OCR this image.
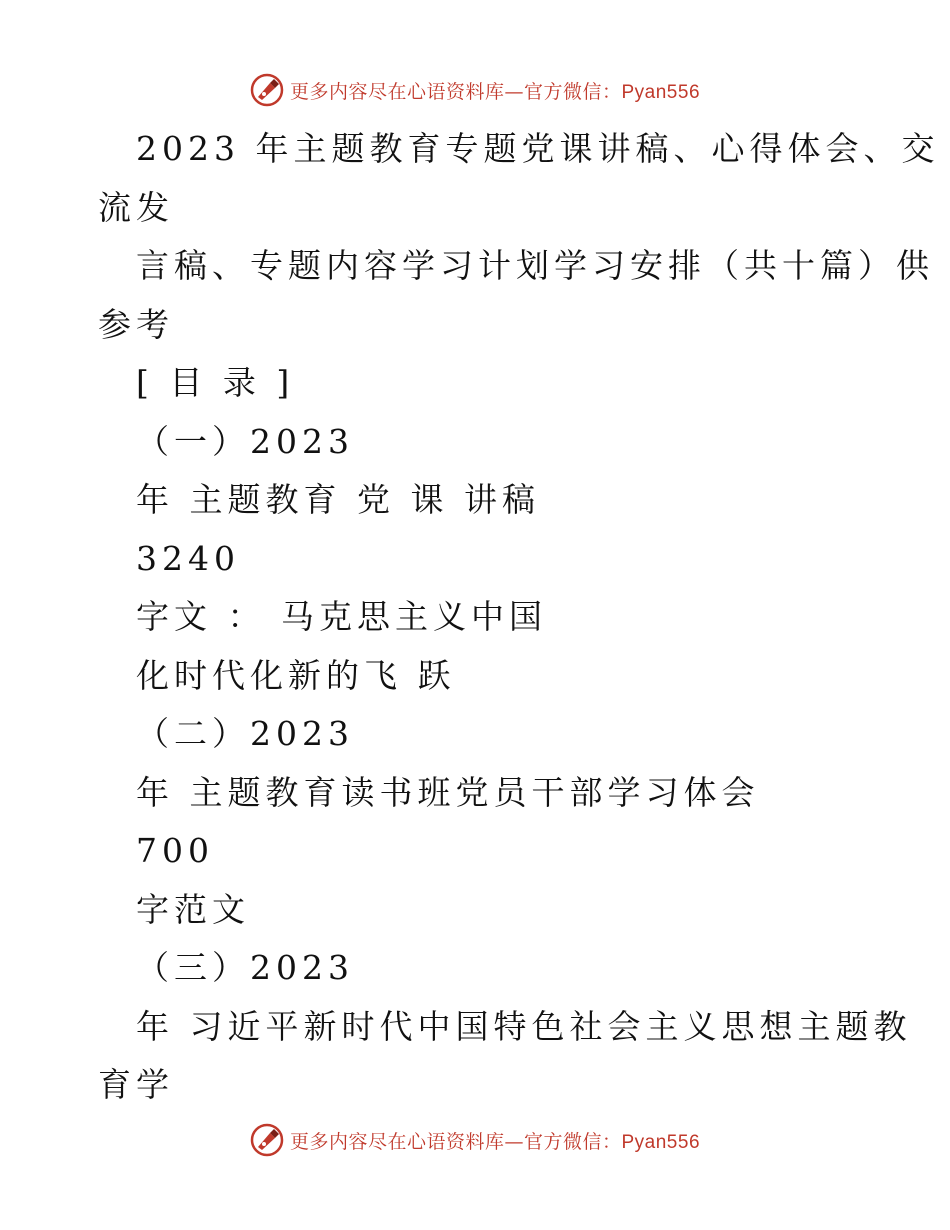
更多内容尽在心语资料库—官方微信：Pyan556
2023 年主题教育专题党课讲稿、心得体会、交
流发
言稿、专题内容学习计划学习安排（共十篇）供
参考
[ 目 录 ]
（一）2023
年 主题教育 党 课 讲稿
3240
字文 ： 马克思主义中国
化时代化新的飞 跃
（二）2023
年 主题教育读书班党员干部学习体会
700
字范文
（三）2023
年 习近平新时代中国特色社会主义思想主题教
育学
更多内容尽在心语资料库—官方微信：Pyan556
